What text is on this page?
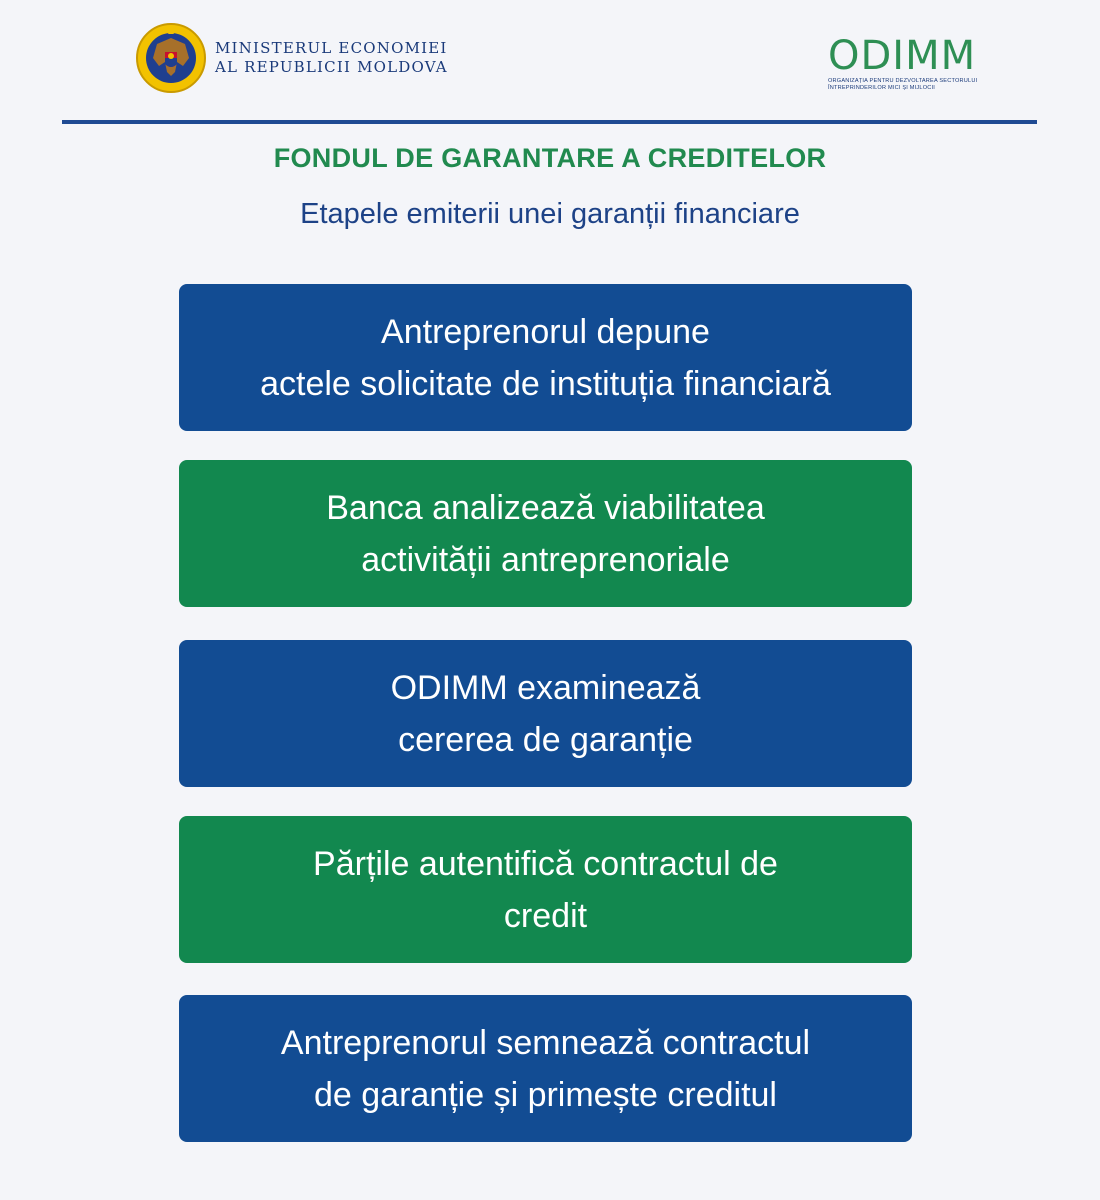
MINISTERUL ECONOMIEI
AL REPUBLICII MOLDOVA	ODIMM
ORGANIZAȚIA PENTRU DEZVOLTAREA SECTORULUI
ÎNTREPRINDERILOR MICI ȘI MIJLOCII
FONDUL DE GARANTARE A CREDITELOR
Etapele emiterii unei garanții financiare
Antreprenorul depune
actele solicitate de instituția financiară
Banca analizează viabilitatea
activității antreprenoriale
ODIMM examinează
cererea de garanție
Părțile autentifică contractul de
credit
Antreprenorul semnează contractul
de garanție și primește creditul
